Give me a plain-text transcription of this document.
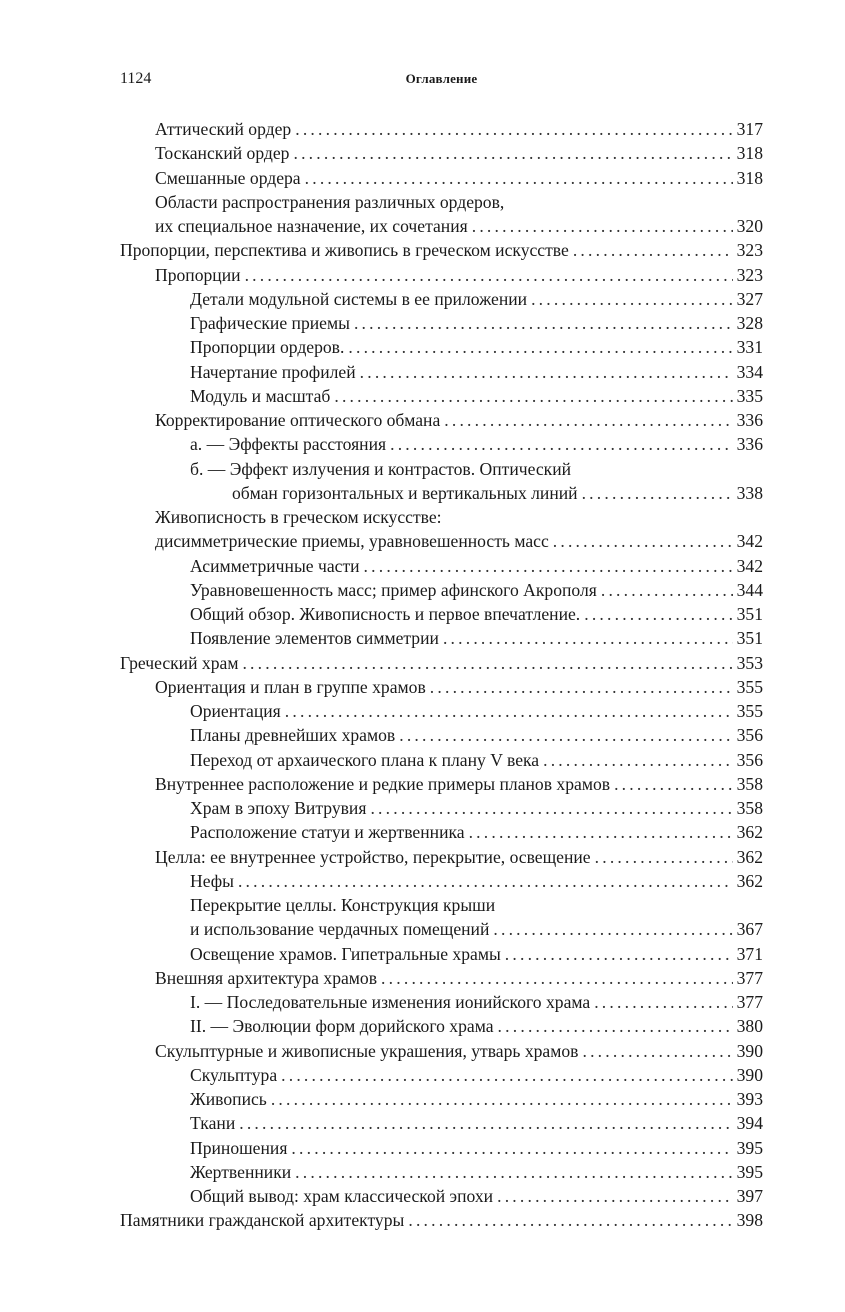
1124	Оглавление
Аттический ордер .....	317
Тосканский ордер .....	318
Смешанные ордера .....	318
Области распространения различных ордеров,
их специальное назначение, их сочетания .....	320
Пропорции, перспектива и живопись в греческом искусстве .....	323
Пропорции .....	323
Детали модульной системы в ее приложении .....	327
Графические приемы .....	328
Пропорции ордеров. .....	331
Начертание профилей .....	334
Модуль и масштаб .....	335
Корректирование оптического обмана .....	336
а. — Эффекты расстояния .....	336
б. — Эффект излучения и контрастов. Оптический
обман горизонтальных и вертикальных линий .....	338
Живописность в греческом искусстве:
дисимметрические приемы, уравновешенность масс .....	342
Асимметричные части .....	342
Уравновешенность масс; пример афинского Акрополя .....	344
Общий обзор. Живописность и первое впечатление. .....	351
Появление элементов симметрии .....	351
Греческий храм .....	353
Ориентация и план в группе храмов .....	355
Ориентация .....	355
Планы древнейших храмов .....	356
Переход от архаического плана к плану V века .....	356
Внутреннее расположение и редкие примеры планов храмов .....	358
Храм в эпоху Витрувия .....	358
Расположение статуи и жертвенника .....	362
Целла: ее внутреннее устройство, перекрытие, освещение .....	362
Нефы .....	362
Перекрытие целлы. Конструкция крыши
и использование чердачных помещений .....	367
Освещение храмов. Гипетральные храмы .....	371
Внешняя архитектура храмов .....	377
I. — Последовательные изменения ионийского храма .....	377
II. — Эволюции форм дорийского храма .....	380
Скульптурные и живописные украшения, утварь храмов .....	390
Скульптура .....	390
Живопись .....	393
Ткани .....	394
Приношения .....	395
Жертвенники .....	395
Общий вывод: храм классической эпохи .....	397
Памятники гражданской архитектуры .....	398
